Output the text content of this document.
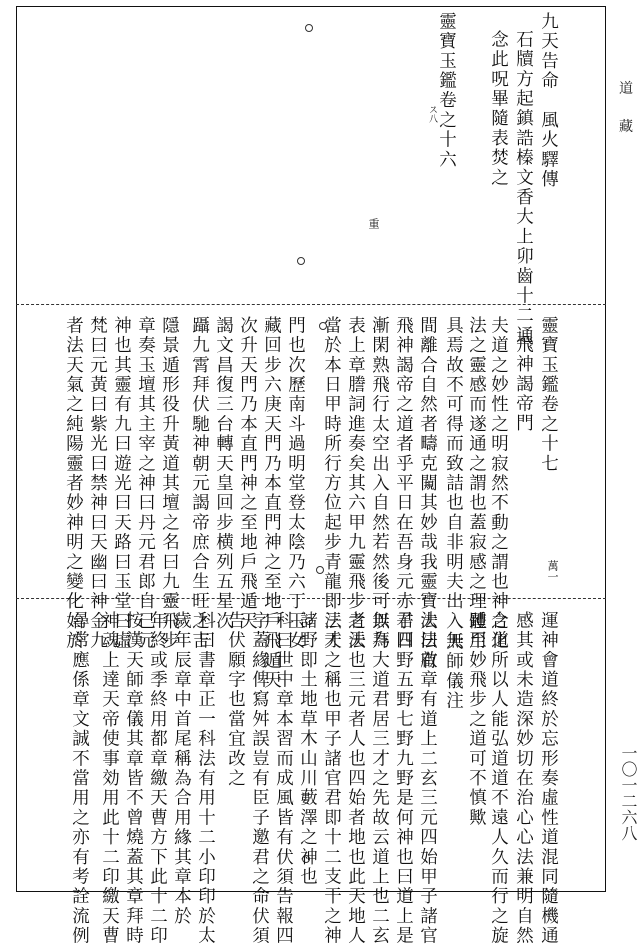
道
藏
一〇一二六八
九天告命　風火驛傳
石牘方起鎮誥榛文香大上卯齒十二通
念此呪畢隨表焚之
靈寶玉鑑卷之十六
ス八
重
靈寶玉鑑卷之十七
萬一
飛神謁帝門
夫道之妙性之明寂然不動之謂也神之化
法之靈感而遂通之謂也蓋寂感之理體用
具焉故不可得而致詰也自非明夫出入無
間離合自然者疇克闚其妙哉我靈寶大法有
飛神謁帝之道者乎平日在吾身元赤子日
漸閑熟飛行太空出入自然若然後可以拜
表上章謄詞進奏矣其六甲九靈飛步之法
當於本日甲時所行方位起步青龍即法天
門也次歷南斗過明堂登太陰乃六丁玉女
藏回步六庚天門乃本直門神之至地戶飛遁天
次升天門乃本直門神之至地戶飛遁天
謁文昌復三台轉天皇回步横列五星次
躡九霄拜伏馳神朝元謁帝庶合生旺之吉
隱景遁形役升黃道其壇之名曰九靈飛步
章奏玉壇其主宰之神曰丹元君郎自己元
神也其靈有九曰遊光曰天路曰玉堂曰虛
梵曰元黃曰紫光曰禁神曰天幽曰神金九
者法天氣之純陽靈者妙神明之變化始於
運神會道終於忘形奏虛性道混同隨機通
感其或未造深妙切在治心心法兼明自然
合道所以人能弘道道不遠人久而行之旋
踵至妙飛步之道可不慎歟
天師儀注
法曰啟章有道上二玄三元四始甲子諸官
君四野五野七野九野是何神也曰道上是
無為大道君居三才之先故云道上也二玄
者天也三元者人也四始者地也此天地人
三才之稱也甲子諸官君即十二支干之神
諸野即土地草木山川藪澤之神也
科曰世中章本習而成風皆有伏須告報四
字蓋緣俾寫舛誤豈有臣子邀君之命伏須
告伏願字也當宜改之
科曰書章正一科法有用十二小印印於太
歲年辰章中首尾稱為合用緣其章本於
年終或季終用都章繳天曹方下此十二印
按漢天師章儀其章皆不曾燒蓋其章拜時
神魂上達天帝使事効用此十二印繳天曹
尋常應係章文誠不當用之亦有考詮流例
